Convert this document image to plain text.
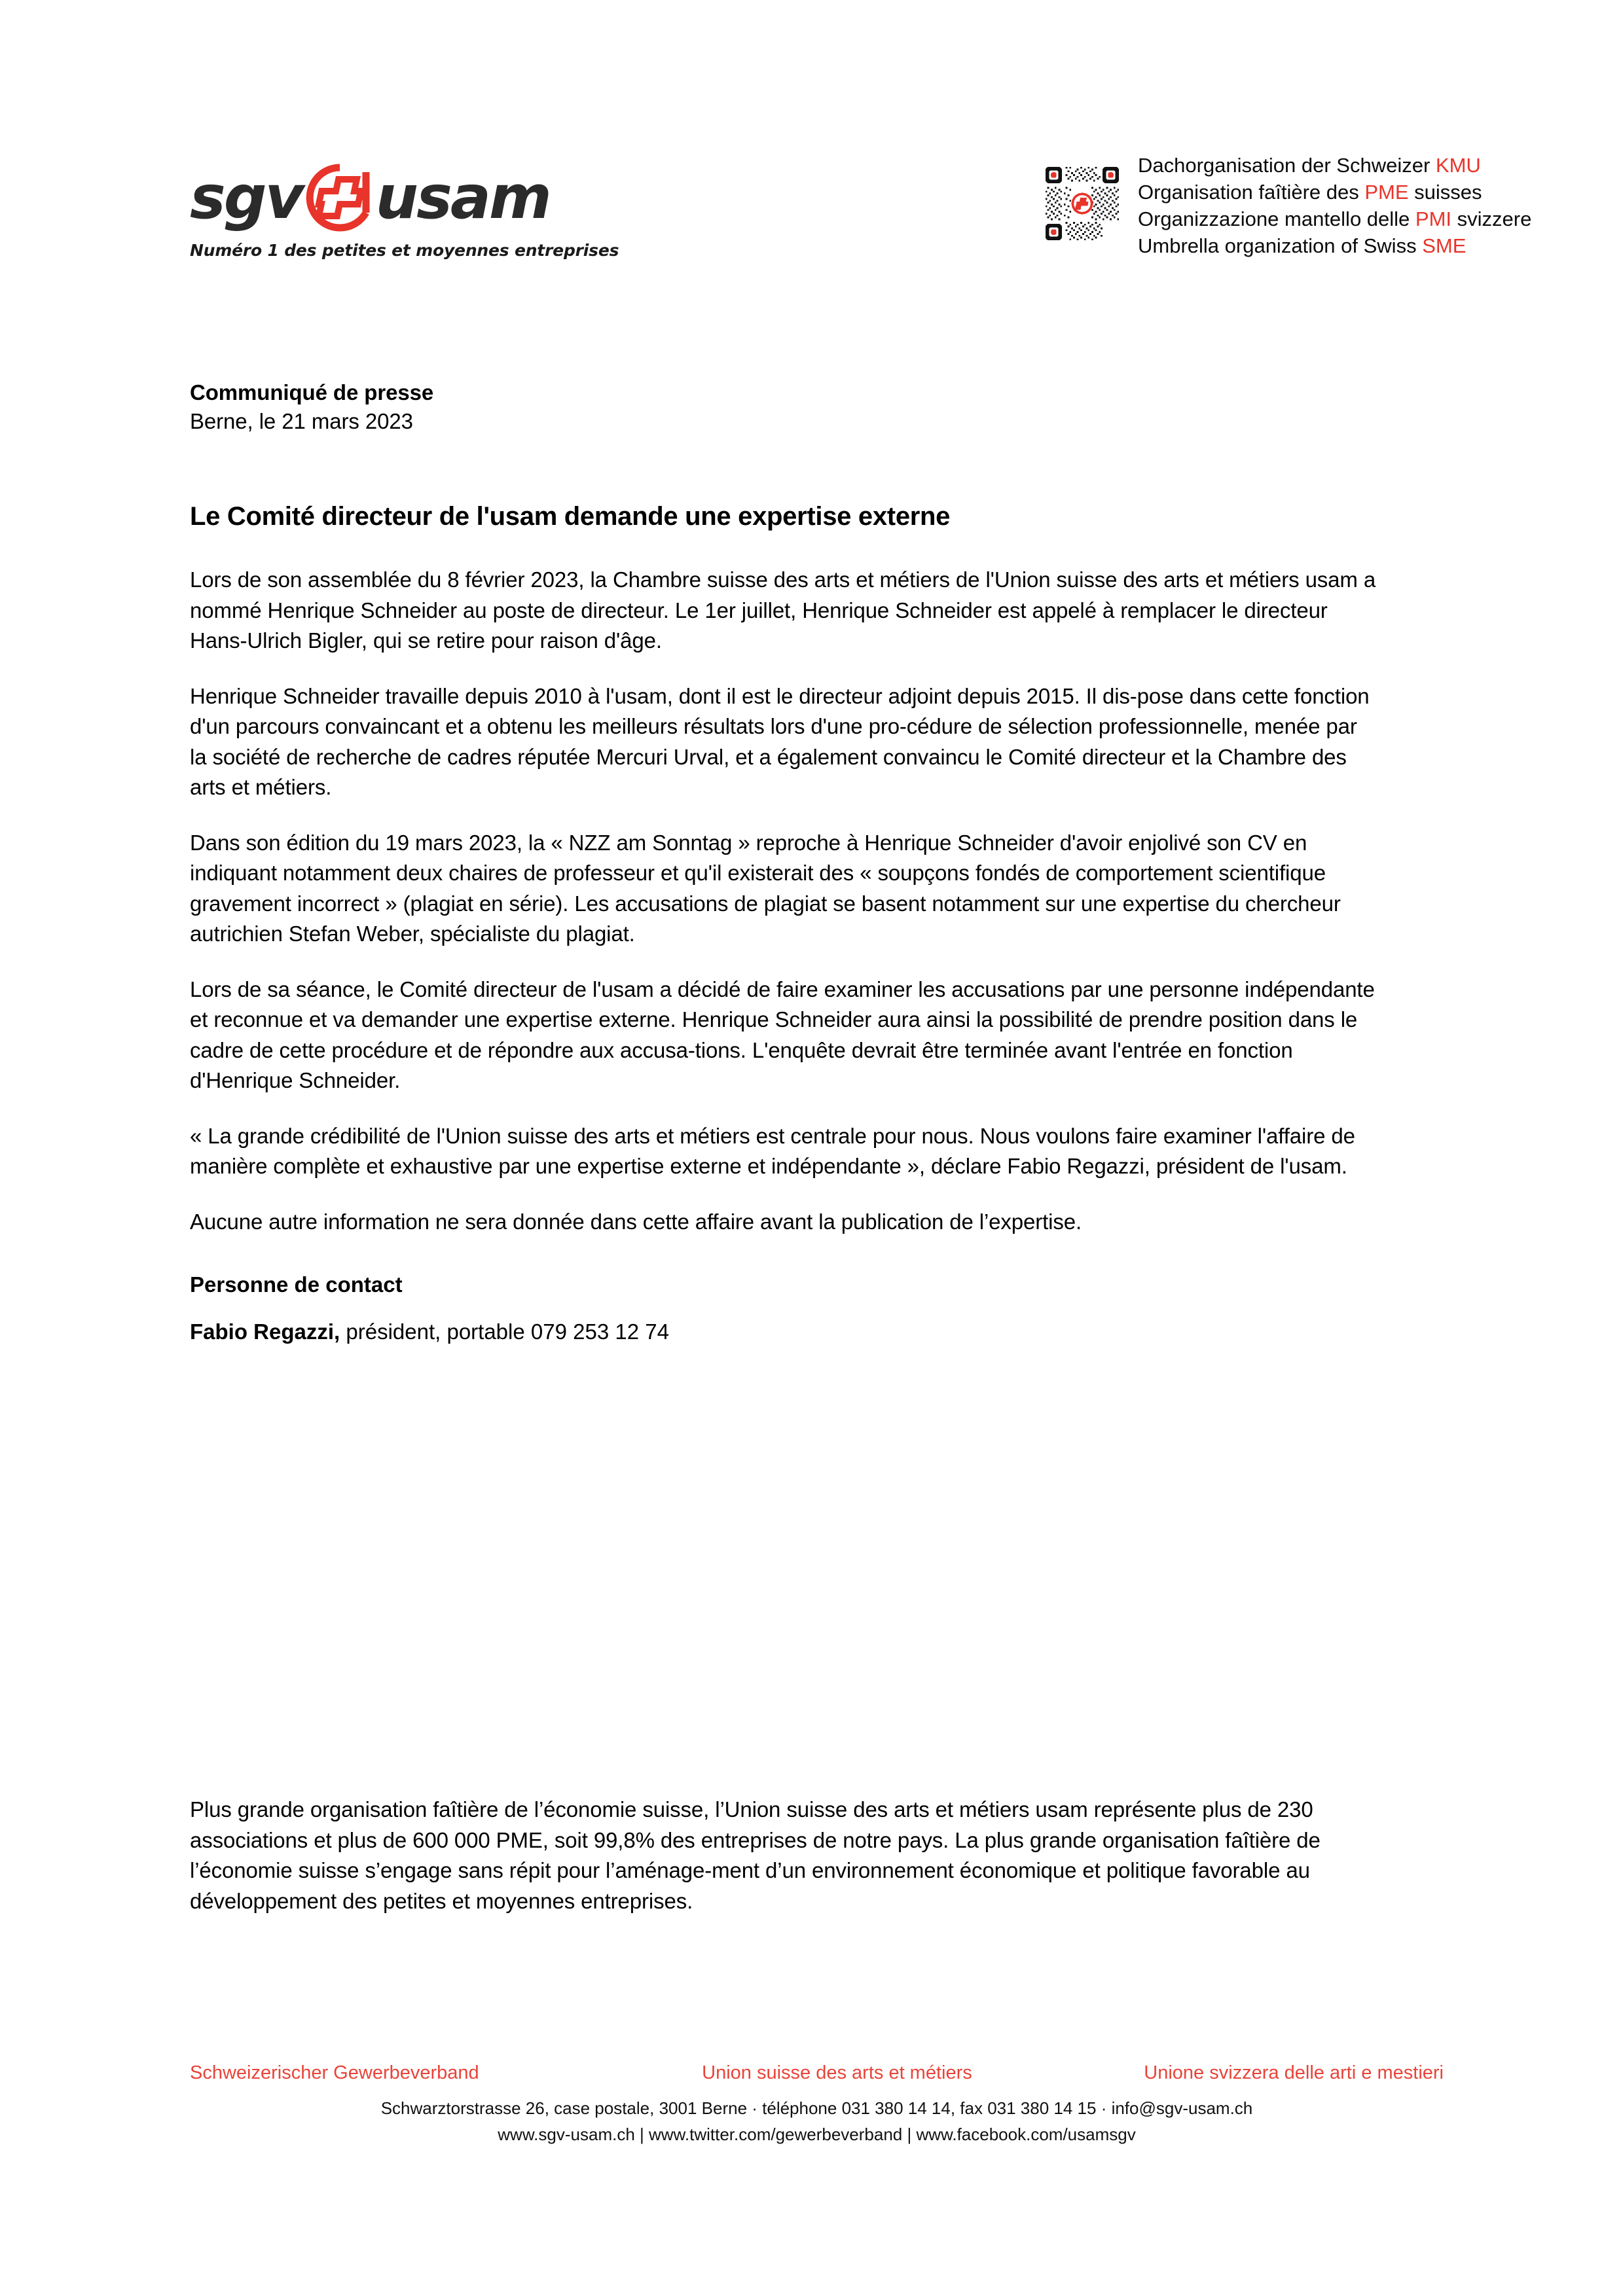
sgv usam
Numéro 1 des petites et moyennes entreprises
Dachorganisation der Schweizer KMU
Organisation faîtière des PME suisses
Organizzazione mantello delle PMI svizzere
Umbrella organization of Swiss SME
Communiqué de presse
Berne, le 21 mars 2023
Le Comité directeur de l'usam demande une expertise externe

Lors de son assemblée du 8 février 2023, la Chambre suisse des arts et métiers de l'Union suisse des arts et métiers usam a nommé Henrique Schneider au poste de directeur. Le 1er juillet, Henrique Schneider est appelé à remplacer le directeur Hans-Ulrich Bigler, qui se retire pour raison d'âge.

Henrique Schneider travaille depuis 2010 à l'usam, dont il est le directeur adjoint depuis 2015. Il dis-pose dans cette fonction d'un parcours convaincant et a obtenu les meilleurs résultats lors d'une pro-cédure de sélection professionnelle, menée par la société de recherche de cadres réputée Mercuri Urval, et a également convaincu le Comité directeur et la Chambre des arts et métiers.

Dans son édition du 19 mars 2023, la « NZZ am Sonntag » reproche à Henrique Schneider d'avoir enjolivé son CV en indiquant notamment deux chaires de professeur et qu'il existerait des « soupçons fondés de comportement scientifique gravement incorrect » (plagiat en série). Les accusations de plagiat se basent notamment sur une expertise du chercheur autrichien Stefan Weber, spécialiste du plagiat.

Lors de sa séance, le Comité directeur de l'usam a décidé de faire examiner les accusations par une personne indépendante et reconnue et va demander une expertise externe. Henrique Schneider aura ainsi la possibilité de prendre position dans le cadre de cette procédure et de répondre aux accusa-tions. L'enquête devrait être terminée avant l'entrée en fonction d'Henrique Schneider.

« La grande crédibilité de l'Union suisse des arts et métiers est centrale pour nous. Nous voulons faire examiner l'affaire de manière complète et exhaustive par une expertise externe et indépendante », déclare Fabio Regazzi, président de l'usam.

Aucune autre information ne sera donnée dans cette affaire avant la publication de l’expertise.

Personne de contact
Fabio Regazzi, président, portable 079 253 12 74
Plus grande organisation faîtière de l’économie suisse, l’Union suisse des arts et métiers usam représente plus de 230 associations et plus de 600 000 PME, soit 99,8% des entreprises de notre pays. La plus grande organisation faîtière de l’économie suisse s’engage sans répit pour l’aménage-ment d’un environnement économique et politique favorable au développement des petites et moyennes entreprises.
Schweizerischer Gewerbeverband	Union suisse des arts et métiers	Unione svizzera delle arti e mestieri
Schwarztorstrasse 26, case postale, 3001 Berne · téléphone 031 380 14 14, fax 031 380 14 15 · info@sgv-usam.ch
www.sgv-usam.ch | www.twitter.com/gewerbeverband | www.facebook.com/usamsgv
